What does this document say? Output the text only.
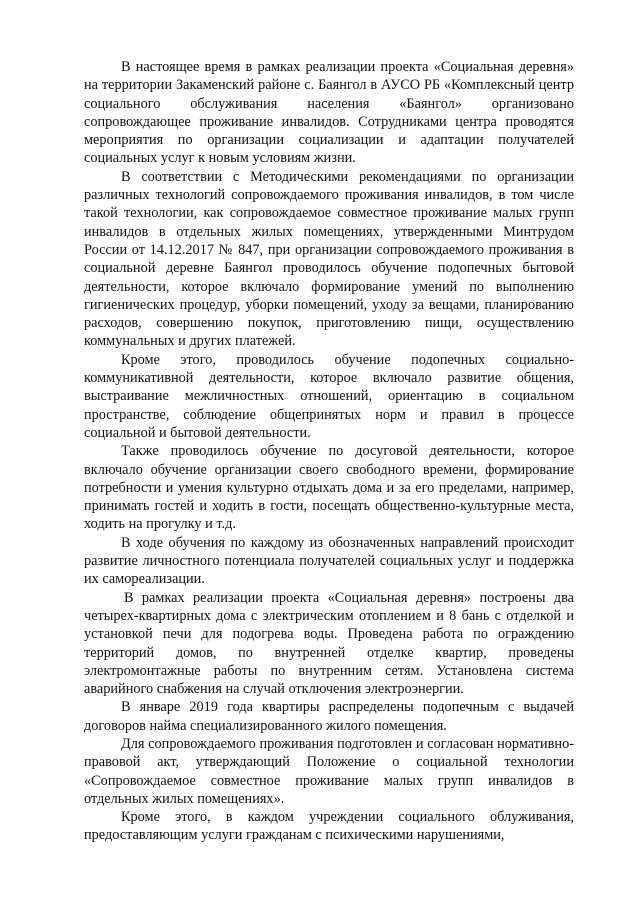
В настоящее время в рамках реализации проекта «Социальная деревня» на территории Закаменский районе с. Баянгол в АУСО РБ «Комплексный центр социального обслуживания населения «Баянгол» организовано сопровождающее проживание инвалидов. Сотрудниками центра проводятся мероприятия по организации социализации и адаптации получателей социальных услуг к новым условиям жизни.

В соответствии с Методическими рекомендациями по организации различных технологий сопровождаемого проживания инвалидов, в том числе такой технологии, как сопровождаемое совместное проживание малых групп инвалидов в отдельных жилых помещениях, утвержденными Минтрудом России от 14.12.2017 № 847, при организации сопровождаемого проживания в социальной деревне Баянгол проводилось обучение подопечных бытовой деятельности, которое включало формирование умений по выполнению гигиенических процедур, уборки помещений, уходу за вещами, планированию расходов, совершению покупок, приготовлению пищи, осуществлению коммунальных и других платежей.

Кроме этого, проводилось обучение подопечных социально-коммуникативной деятельности, которое включало развитие общения, выстраивание межличностных отношений, ориентацию в социальном пространстве, соблюдение общепринятых норм и правил в процессе социальной и бытовой деятельности.

Также проводилось обучение по досуговой деятельности, которое включало обучение организации своего свободного времени, формирование потребности и умения культурно отдыхать дома и за его пределами, например, принимать гостей и ходить в гости, посещать общественно-культурные места, ходить на прогулку и т.д.

В ходе обучения по каждому из обозначенных направлений происходит развитие личностного потенциала получателей социальных услуг и поддержка их самореализации.

В рамках реализации проекта «Социальная деревня» построены два четырех-квартирных дома с электрическим отоплением и 8 бань с отделкой и установкой печи для подогрева воды. Проведена работа по ограждению территорий домов, по внутренней отделке квартир, проведены электромонтажные работы по внутренним сетям. Установлена система аварийного снабжения на случай отключения электроэнергии.

В январе 2019 года квартиры распределены подопечным с выдачей договоров найма специализированного жилого помещения.

Для сопровождаемого проживания подготовлен и согласован нормативно-правовой акт, утверждающий Положение о социальной технологии «Сопровождаемое совместное проживание малых групп инвалидов в отдельных жилых помещениях».

Кроме этого, в каждом учреждении социального облуживания, предоставляющим услуги гражданам с психическими нарушениями,
